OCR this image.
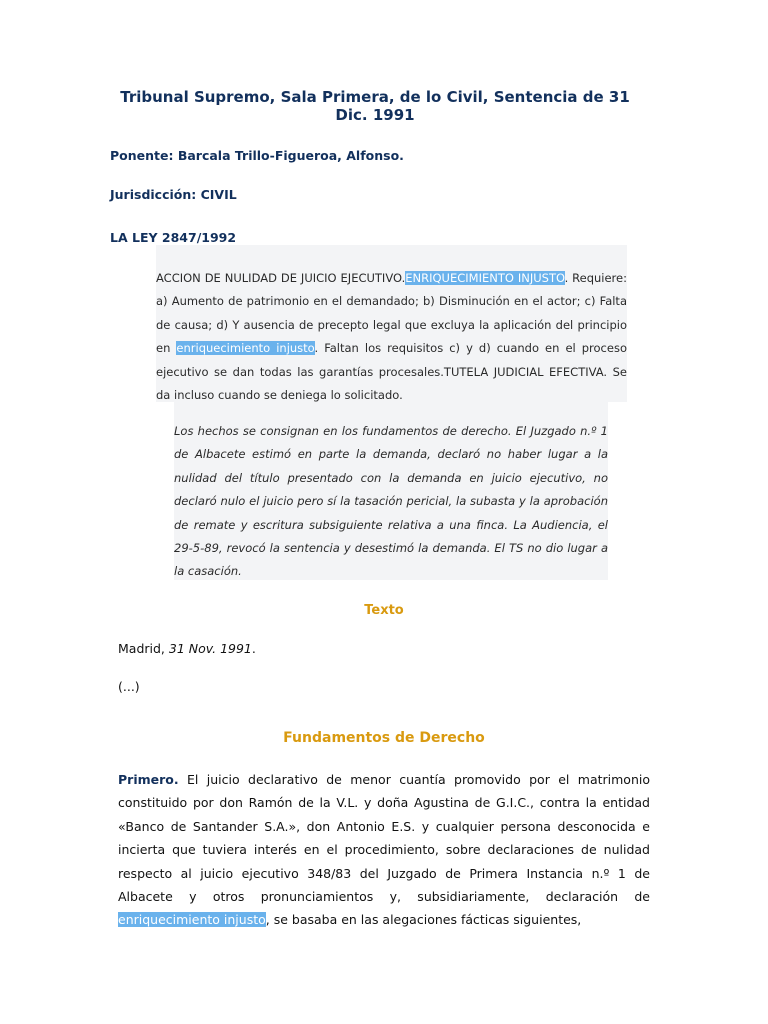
Tribunal Supremo, Sala Primera, de lo Civil, Sentencia de 31 Dic. 1991
Ponente: Barcala Trillo-Figueroa, Alfonso.
Jurisdicción: CIVIL
LA LEY 2847/1992

ACCION DE NULIDAD DE JUICIO EJECUTIVO.ENRIQUECIMIENTO INJUSTO. Requiere: a) Aumento de patrimonio en el demandado; b) Disminución en el actor; c) Falta de causa; d) Y ausencia de precepto legal que excluya la aplicación del principio en enriquecimiento injusto. Faltan los requisitos c) y d) cuando en el proceso ejecutivo se dan todas las garantías procesales.TUTELA JUDICIAL EFECTIVA. Se da incluso cuando se deniega lo solicitado.

Los hechos se consignan en los fundamentos de derecho. El Juzgado n.º 1 de Albacete estimó en parte la demanda, declaró no haber lugar a la nulidad del título presentado con la demanda en juicio ejecutivo, no declaró nulo el juicio pero sí la tasación pericial, la subasta y la aprobación de remate y escritura subsiguiente relativa a una finca. La Audiencia, el 29-5-89, revocó la sentencia y desestimó la demanda. El TS no dio lugar a la casación.

Texto
Madrid, 31 Nov. 1991.
(...)
Fundamentos de Derecho

Primero. El juicio declarativo de menor cuantía promovido por el matrimonio constituido por don Ramón de la V.L. y doña Agustina de G.I.C., contra la entidad «Banco de Santander S.A.», don Antonio E.S. y cualquier persona desconocida e incierta que tuviera interés en el procedimiento, sobre declaraciones de nulidad respecto al juicio ejecutivo 348/83 del Juzgado de Primera Instancia n.º 1 de Albacete y otros pronunciamientos y, subsidiariamente, declaración de enriquecimiento injusto, se basaba en las alegaciones fácticas siguientes,
